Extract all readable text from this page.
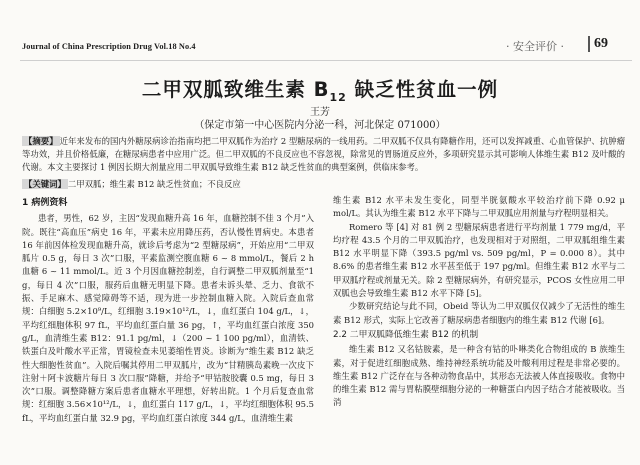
Journal of China Prescription Drug Vol.18 No.4	· 安全评价 · 69
二甲双胍致维生素 $B_{12}$ 缺乏性贫血一例
王芳
（保定市第一中心医院内分泌一科，河北保定 071000）
【摘要】 近年来发布的国内外糖尿病诊治指南均把二甲双胍作为治疗 2 型糖尿病的一线用药。二甲双胍不仅具有降糖作用，还可以发挥减重、心血管保护、抗肿瘤等功效，并且价格低廉，在糖尿病患者中应用广泛。但二甲双胍的不良反应也不容忽视，除常见的胃肠道反应外，多项研究显示其可影响人体维生素 B12 及叶酸的代谢。本文主要探讨 1 例因长期大剂量应用二甲双胍导致维生素 B12 缺乏性贫血的典型案例，供临床参考。
【关键词】 二甲双胍；维生素 B12 缺乏性贫血；不良反应

1 病例资料

患者，男性，62 岁，主因“发现血糖升高 16 年，血糖控制不佳 3 个月”入院。既往“高血压”病史 16 年，平素未应用降压药，否认慢性胃病史。本患者 16 年前因体检发现血糖升高，就诊后考虑为“2 型糖尿病”，开始应用“二甲双胍片 0.5 g，每日 3 次”口服，平素监测空腹血糖 6 ~ 8 mmol/L，餐后 2 h 血糖 6 ~ 11 mmol/L。近 3 个月因血糖控制差，自行调整二甲双胍剂量至“1 g，每日 4 次”口服，服药后血糖无明显下降。患者未诉头晕、乏力、食欲不振、手足麻木、感觉障碍等不适，现为进一步控制血糖入院。入院后查血常规：白细胞 5.2×10⁹/L，红细胞 3.19×10¹²/L，↓，血红蛋白 104 g/L，↓，平均红细胞体积 97 fL，平均血红蛋白量 36 pg，↑，平均血红蛋白浓度 350 g/L，血清维生素 B12：91.1 pg/ml，↓（200 ~ 1 100 pg/ml），血清铁、铁蛋白及叶酸水平正常，胃镜检查未见萎缩性胃炎。诊断为“维生素 B12 缺乏性大细胞性贫血”。入院后嘱其停用二甲双胍片，改为“甘精胰岛素晚一次皮下注射＋阿卡波糖片每日 3 次口服”降糖，并给予“甲钴胺胶囊 0.5 mg，每日 3 次”口服。调整降糖方案后患者血糖水平理想，好转出院。1 个月后复查血常规：红细胞 3.56×10¹²/L，↓，血红蛋白 117 g/L，↓，平均红细胞体积 95.5 fL，平均血红蛋白量 32.9 pg，平均血红蛋白浓度 344 g/L，血清维生素

维生素 B12 水平未发生变化，同型半胱氨酸水平较治疗前下降 0.92 μ mol/L。其认为维生素 B12 水平下降与二甲双胍应用剂量与疗程明显相关。

Romero 等 [4] 对 81 例 2 型糖尿病患者进行平均剂量 1 779 mg/d，平均疗程 43.5 个月的二甲双胍治疗，也发现相对于对照组，二甲双胍组维生素 B12 水平明显下降（393.5 pg/ml vs. 509 pg/ml，P = 0.000 8）。其中 8.6% 的患者维生素 B12 水平甚至低于 197 pg/ml。但维生素 B12 水平与二甲双胍疗程或剂量无关。除 2 型糖尿病外，有研究显示，PCOS 女性应用二甲双胍也会导致维生素 B12 水平下降 [5]。

少数研究结论与此不同，Obeid 等认为二甲双胍仅仅减少了无活性的维生素 B12 形式，实际上它改善了糖尿病患者细胞内的维生素 B12 代谢 [6]。

2.2 二甲双胍降低维生素 B12 的机制

维生素 B12 又名钴胺素，是一种含有钴的卟啉类化合物组成的 B 族维生素，对于促进红细胞成熟、维持神经系统功能及叶酸利用过程是非常必要的。维生素 B12 广泛存在与各种动物食品中，其形态无法被人体直接吸收。食物中的维生素 B12 需与胃粘膜壁细胞分泌的一种糖蛋白内因子结合才能被吸收。当消
